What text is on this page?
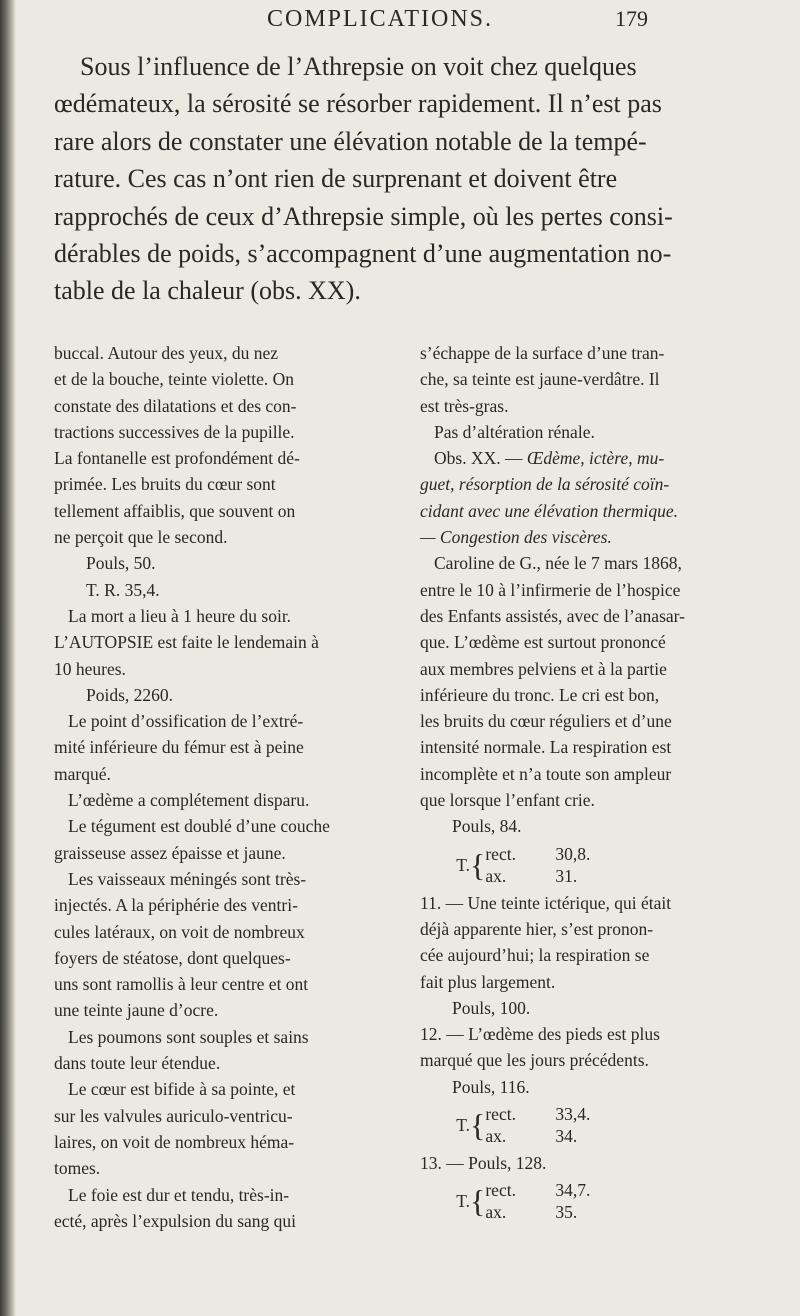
COMPLICATIONS.	179

Sous l’influence de l’Athrepsie on voit chez quelques
œdémateux, la sérosité se résorber rapidement. Il n’est pas
rare alors de constater une élévation notable de la tempé-
rature. Ces cas n’ont rien de surprenant et doivent être
rapprochés de ceux d’Athrepsie simple, où les pertes consi-
dérables de poids, s’accompagnent d’une augmentation no-
table de la chaleur (obs. XX).

buccal. Autour des yeux, du nez
et de la bouche, teinte violette. On
constate des dilatations et des con-
tractions successives de la pupille.
La fontanelle est profondément dé-
primée. Les bruits du cœur sont
tellement affaiblis, que souvent on
ne perçoit que le second.
Pouls, 50.
T. R. 35,4.
La mort a lieu à 1 heure du soir.
L’AUTOPSIE est faite le lendemain à
10 heures.
Poids, 2260.
Le point d’ossification de l’extré-
mité inférieure du fémur est à peine
marqué.
L’œdème a complétement disparu.
Le tégument est doublé d’une couche
graisseuse assez épaisse et jaune.
Les vaisseaux méningés sont très-
injectés. A la périphérie des ventri-
cules latéraux, on voit de nombreux
foyers de stéatose, dont quelques-
uns sont ramollis à leur centre et ont
une teinte jaune d’ocre.
Les poumons sont souples et sains
dans toute leur étendue.
Le cœur est bifide à sa pointe, et
sur les valvules auriculo-ventricu-
laires, on voit de nombreux héma-
tomes.
Le foie est dur et tendu, très-in-
ecté, après l’expulsion du sang qui
s’échappe de la surface d’une tran-
che, sa teinte est jaune-verdâtre. Il
est très-gras.
Pas d’altération rénale.
Obs. XX. — Œdème, ictère, mu-
guet, résorption de la sérosité coïn-
cidant avec une élévation thermique.
— Congestion des viscères.
Caroline de G., née le 7 mars 1868,
entre le 10 à l’infirmerie de l’hospice
des Enfants assistés, avec de l’anasar-
que. L’œdème est surtout prononcé
aux membres pelviens et à la partie
inférieure du tronc. Le cri est bon,
les bruits du cœur réguliers et d’une
intensité normale. La respiration est
incomplète et n’a toute son ampleur
que lorsque l’enfant crie.
Pouls, 84.
T.	{	rect.	30,8.
		ax.	31.
11. — Une teinte ictérique, qui était
déjà apparente hier, s’est pronon-
cée aujourd’hui; la respiration se
fait plus largement.
Pouls, 100.
12. — L’œdème des pieds est plus
marqué que les jours précédents.
Pouls, 116.
T.	{	rect.	33,4.
		ax.	34.
13. — Pouls, 128.
T.	{	rect.	34,7.
		ax.	35.
